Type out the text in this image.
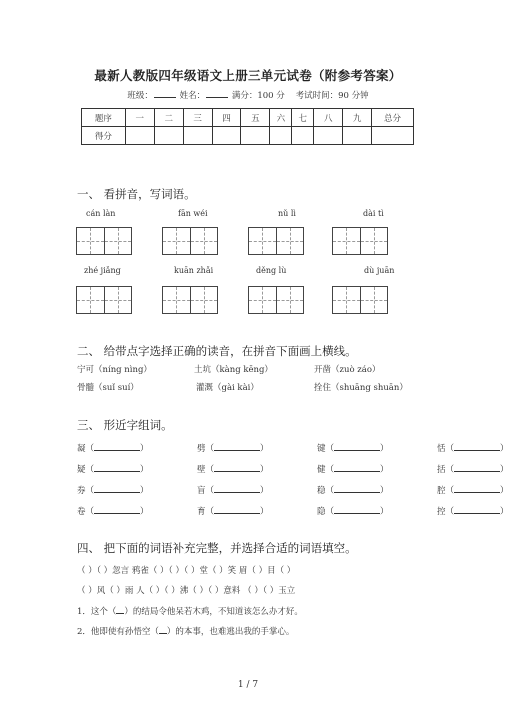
最新人教版四年级语文上册三单元试卷（附参考答案）
班级：	姓名：	满分：100 分 考试时间：90 分钟
题序	一	二	三	四	五	六	七	八	九	总分
得分										
一、 看拼音，写词语。
cán làn	fān wéi	nǔ lì	dài tì
zhé jiǎng	kuān zhǎi	děng lù	dù juān
二、 给带点字选择正确的读音，在拼音下面画上横线。
宁可（níng nìng）	土坑（kàng kēng）	开凿（zuò záo）
骨髓（suǐ suí）	灌溉（gài kài）	拴住（shuāng shuān）
三、 形近字组词。
凝（	）	劈（	）	键（	）	恬（	）
疑（	）	壁（	）	健（	）	括（	）
券（	）	盲（	）	稳（	）	腔（	）
卷（	）	育（	）	隐（	）	控（	）
四、 把下面的词语补充完整，并选择合适的词语填空。
（ ）（ ）忽言 鸦雀（ ）（ ）（ ）堂（ ）笑 眉（ ）目（ ）
（ ）风（ ）雨 人（ ）（ ）沸（ ）（ ）意料 （ ）（ ）玉立
1．这个（ ）的结局令他呆若木鸡，不知道该怎么办才好。
2．他即使有孙悟空（ ）的本事，也难逃出我的手掌心。
1 / 7
